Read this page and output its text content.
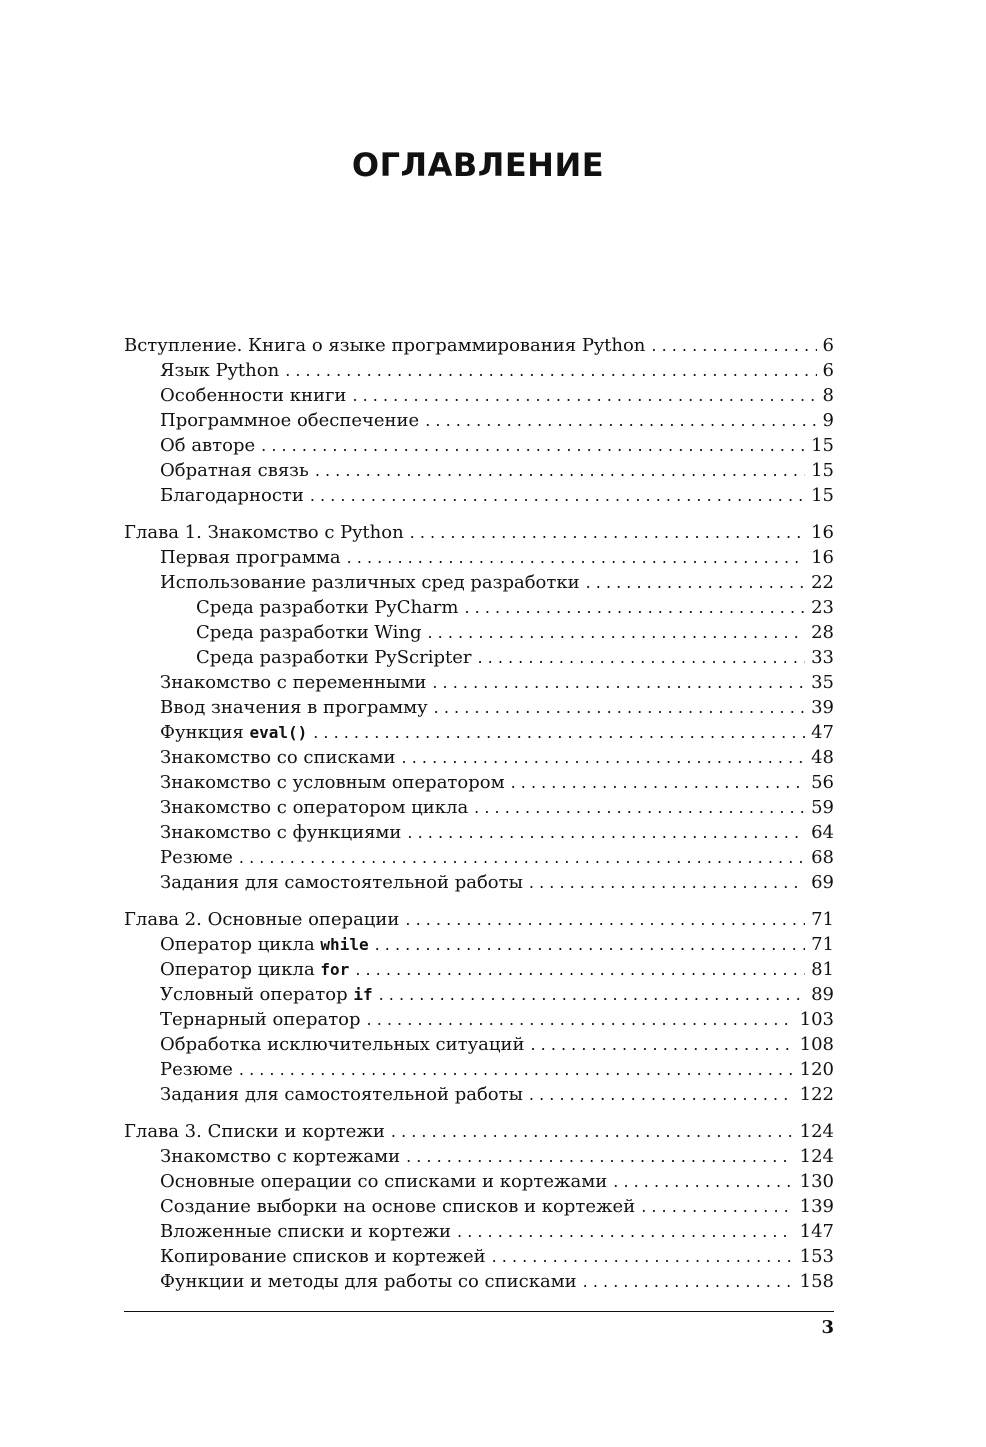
ОГЛАВЛЕНИЕ
Вступление. Книга о языке программирования Python . . .	6
Язык Python . . .	6
Особенности книги . . .	8
Программное обеспечение . . .	9
Об авторе . . .	15
Обратная связь . . .	15
Благодарности . . .	15
Глава 1. Знакомство с Python . . .	16
Первая программа . . .	16
Использование различных сред разработки . . .	22
Среда разработки PyCharm . . .	23
Среда разработки Wing . . .	28
Среда разработки PyScripter . . .	33
Знакомство с переменными . . .	35
Ввод значения в программу . . .	39
Функция eval() . . .	47
Знакомство со списками . . .	48
Знакомство с условным оператором . . .	56
Знакомство с оператором цикла . . .	59
Знакомство с функциями . . .	64
Резюме . . .	68
Задания для самостоятельной работы . . .	69
Глава 2. Основные операции . . .	71
Оператор цикла while . . .	71
Оператор цикла for . . .	81
Условный оператор if . . .	89
Тернарный оператор . . .	103
Обработка исключительных ситуаций . . .	108
Резюме . . .	120
Задания для самостоятельной работы . . .	122
Глава 3. Списки и кортежи . . .	124
Знакомство с кортежами . . .	124
Основные операции со списками и кортежами . . .	130
Создание выборки на основе списков и кортежей . . .	139
Вложенные списки и кортежи . . .	147
Копирование списков и кортежей . . .	153
Функции и методы для работы со списками . . .	158
3
